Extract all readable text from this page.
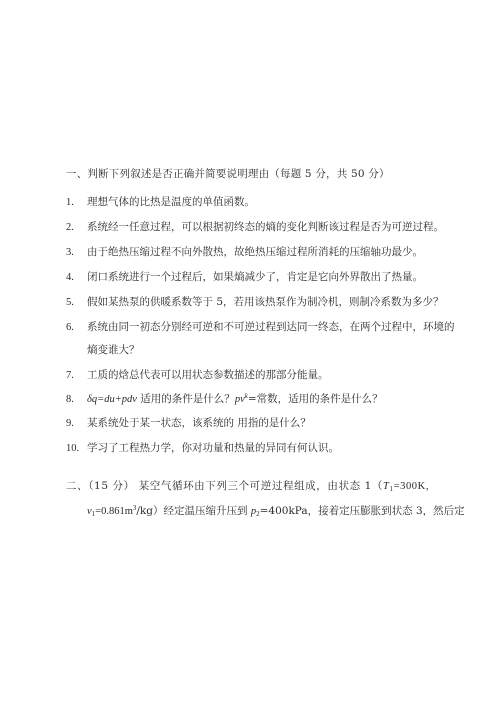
一、判断下列叙述是否正确并简要说明理由（每题 5 分，共 50 分）
1. 理想气体的比热是温度的单值函数。
2. 系统经一任意过程，可以根据初终态的熵的变化判断该过程是否为可逆过程。
3. 由于绝热压缩过程不向外散热，故绝热压缩过程所消耗的压缩轴功最少。
4. 闭口系统进行一个过程后，如果熵减少了，肯定是它向外界散出了热量。
5. 假如某热泵的供暖系数等于 5，若用该热泵作为制冷机，则制冷系数为多少？
6. 系统由同一初态分别经可逆和不可逆过程到达同一终态，在两个过程中，环境的
熵变谁大？
7. 工质的焓总代表可以用状态参数描述的那部分能量。
8. δq=du+pdv 适用的条件是什么？$pv^k=$常数，适用的条件是什么？
9. 某系统处于某一状态，该系统的 用指的是什么？
10. 学习了工程热力学，你对功量和热量的异同有何认识。
二、（15 分） 某空气循环由下列三个可逆过程组成，由状态 $1(T_1=300K$,
$v_1=0.861m^3/kg$）经定温压缩升压到 $p_2=400kPa$，接着定压膨胀到状态 3，然后定
